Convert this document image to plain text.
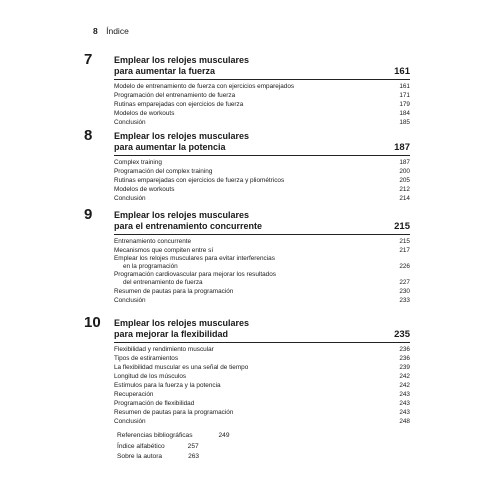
8 Índice
7 Emplear los relojes musculares
para aumentar la fuerza	161
Modelo de entrenamiento de fuerza con ejercicios emparejados	161
Programación del entrenamiento de fuerza	171
Rutinas emparejadas con ejercicios de fuerza	179
Modelos de workouts	184
Conclusión	185
8 Emplear los relojes musculares
para aumentar la potencia	187
Complex training	187
Programación del complex training	200
Rutinas emparejadas con ejercicios de fuerza y pliométricos	205
Modelos de workouts	212
Conclusión	214
9 Emplear los relojes musculares
para el entrenamiento concurrente	215
Entrenamiento concurrente	215
Mecanismos que compiten entre sí	217
Emplear los relojes musculares para evitar interferencias
en la programación	226
Programación cardiovascular para mejorar los resultados
del entrenamiento de fuerza	227
Resumen de pautas para la programación	230
Conclusión	233
10 Emplear los relojes musculares
para mejorar la flexibilidad	235
Flexibilidad y rendimiento muscular	236
Tipos de estiramientos	236
La flexibilidad muscular es una señal de tiempo	239
Longitud de los músculos	242
Estímulos para la fuerza y la potencia	242
Recuperación	243
Programación de flexibilidad	243
Resumen de pautas para la programación	243
Conclusión	248
Referencias bibliográficas	249
Índice alfabético	257
Sobre la autora	263
